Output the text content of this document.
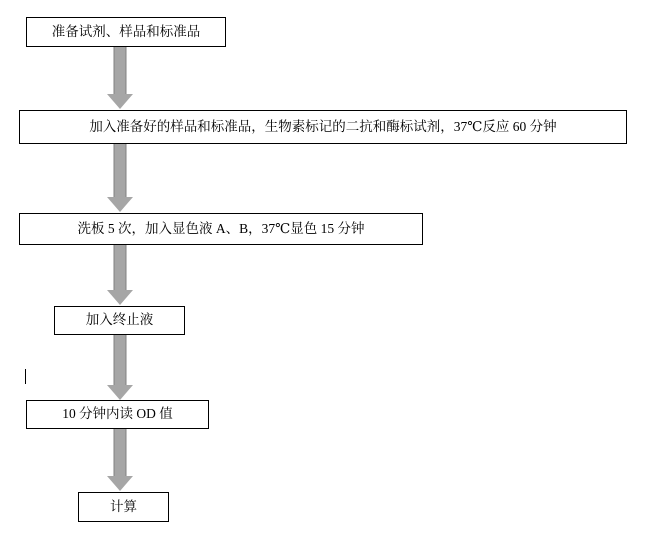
准备试剂、样品和标准品
加入准备好的样品和标准品，生物素标记的二抗和酶标试剂，37℃反应 60 分钟
洗板 5 次，加入显色液 A、B，37℃显色 15 分钟
加入终止液
10 分钟内读 OD 值
计算
